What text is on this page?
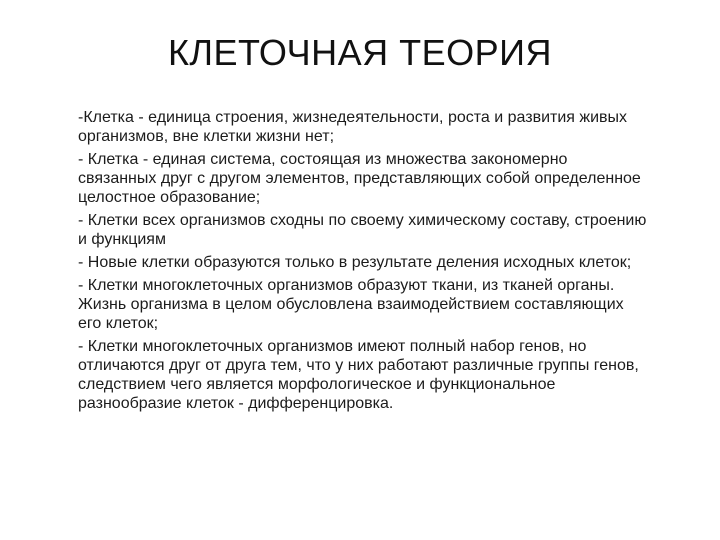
КЛЕТОЧНАЯ ТЕОРИЯ

-Клетка - единица строения, жизнедеятельности, роста и развития живых организмов, вне клетки жизни нет;

- Клетка - единая система, состоящая из множества закономерно связанных друг с другом элементов, представляющих собой определенное целостное образование;

- Клетки всех организмов сходны по своему химическому составу, строению и функциям

- Новые клетки образуются только в результате деления исходных клеток;

- Клетки многоклеточных организмов образуют ткани, из тканей органы. Жизнь организма в целом обусловлена взаимодействием составляющих его клеток;

- Клетки многоклеточных организмов имеют полный набор генов, но отличаются друг от друга тем, что у них работают различные группы генов, следствием чего является морфологическое и функциональное разнообразие клеток - дифференцировка.
